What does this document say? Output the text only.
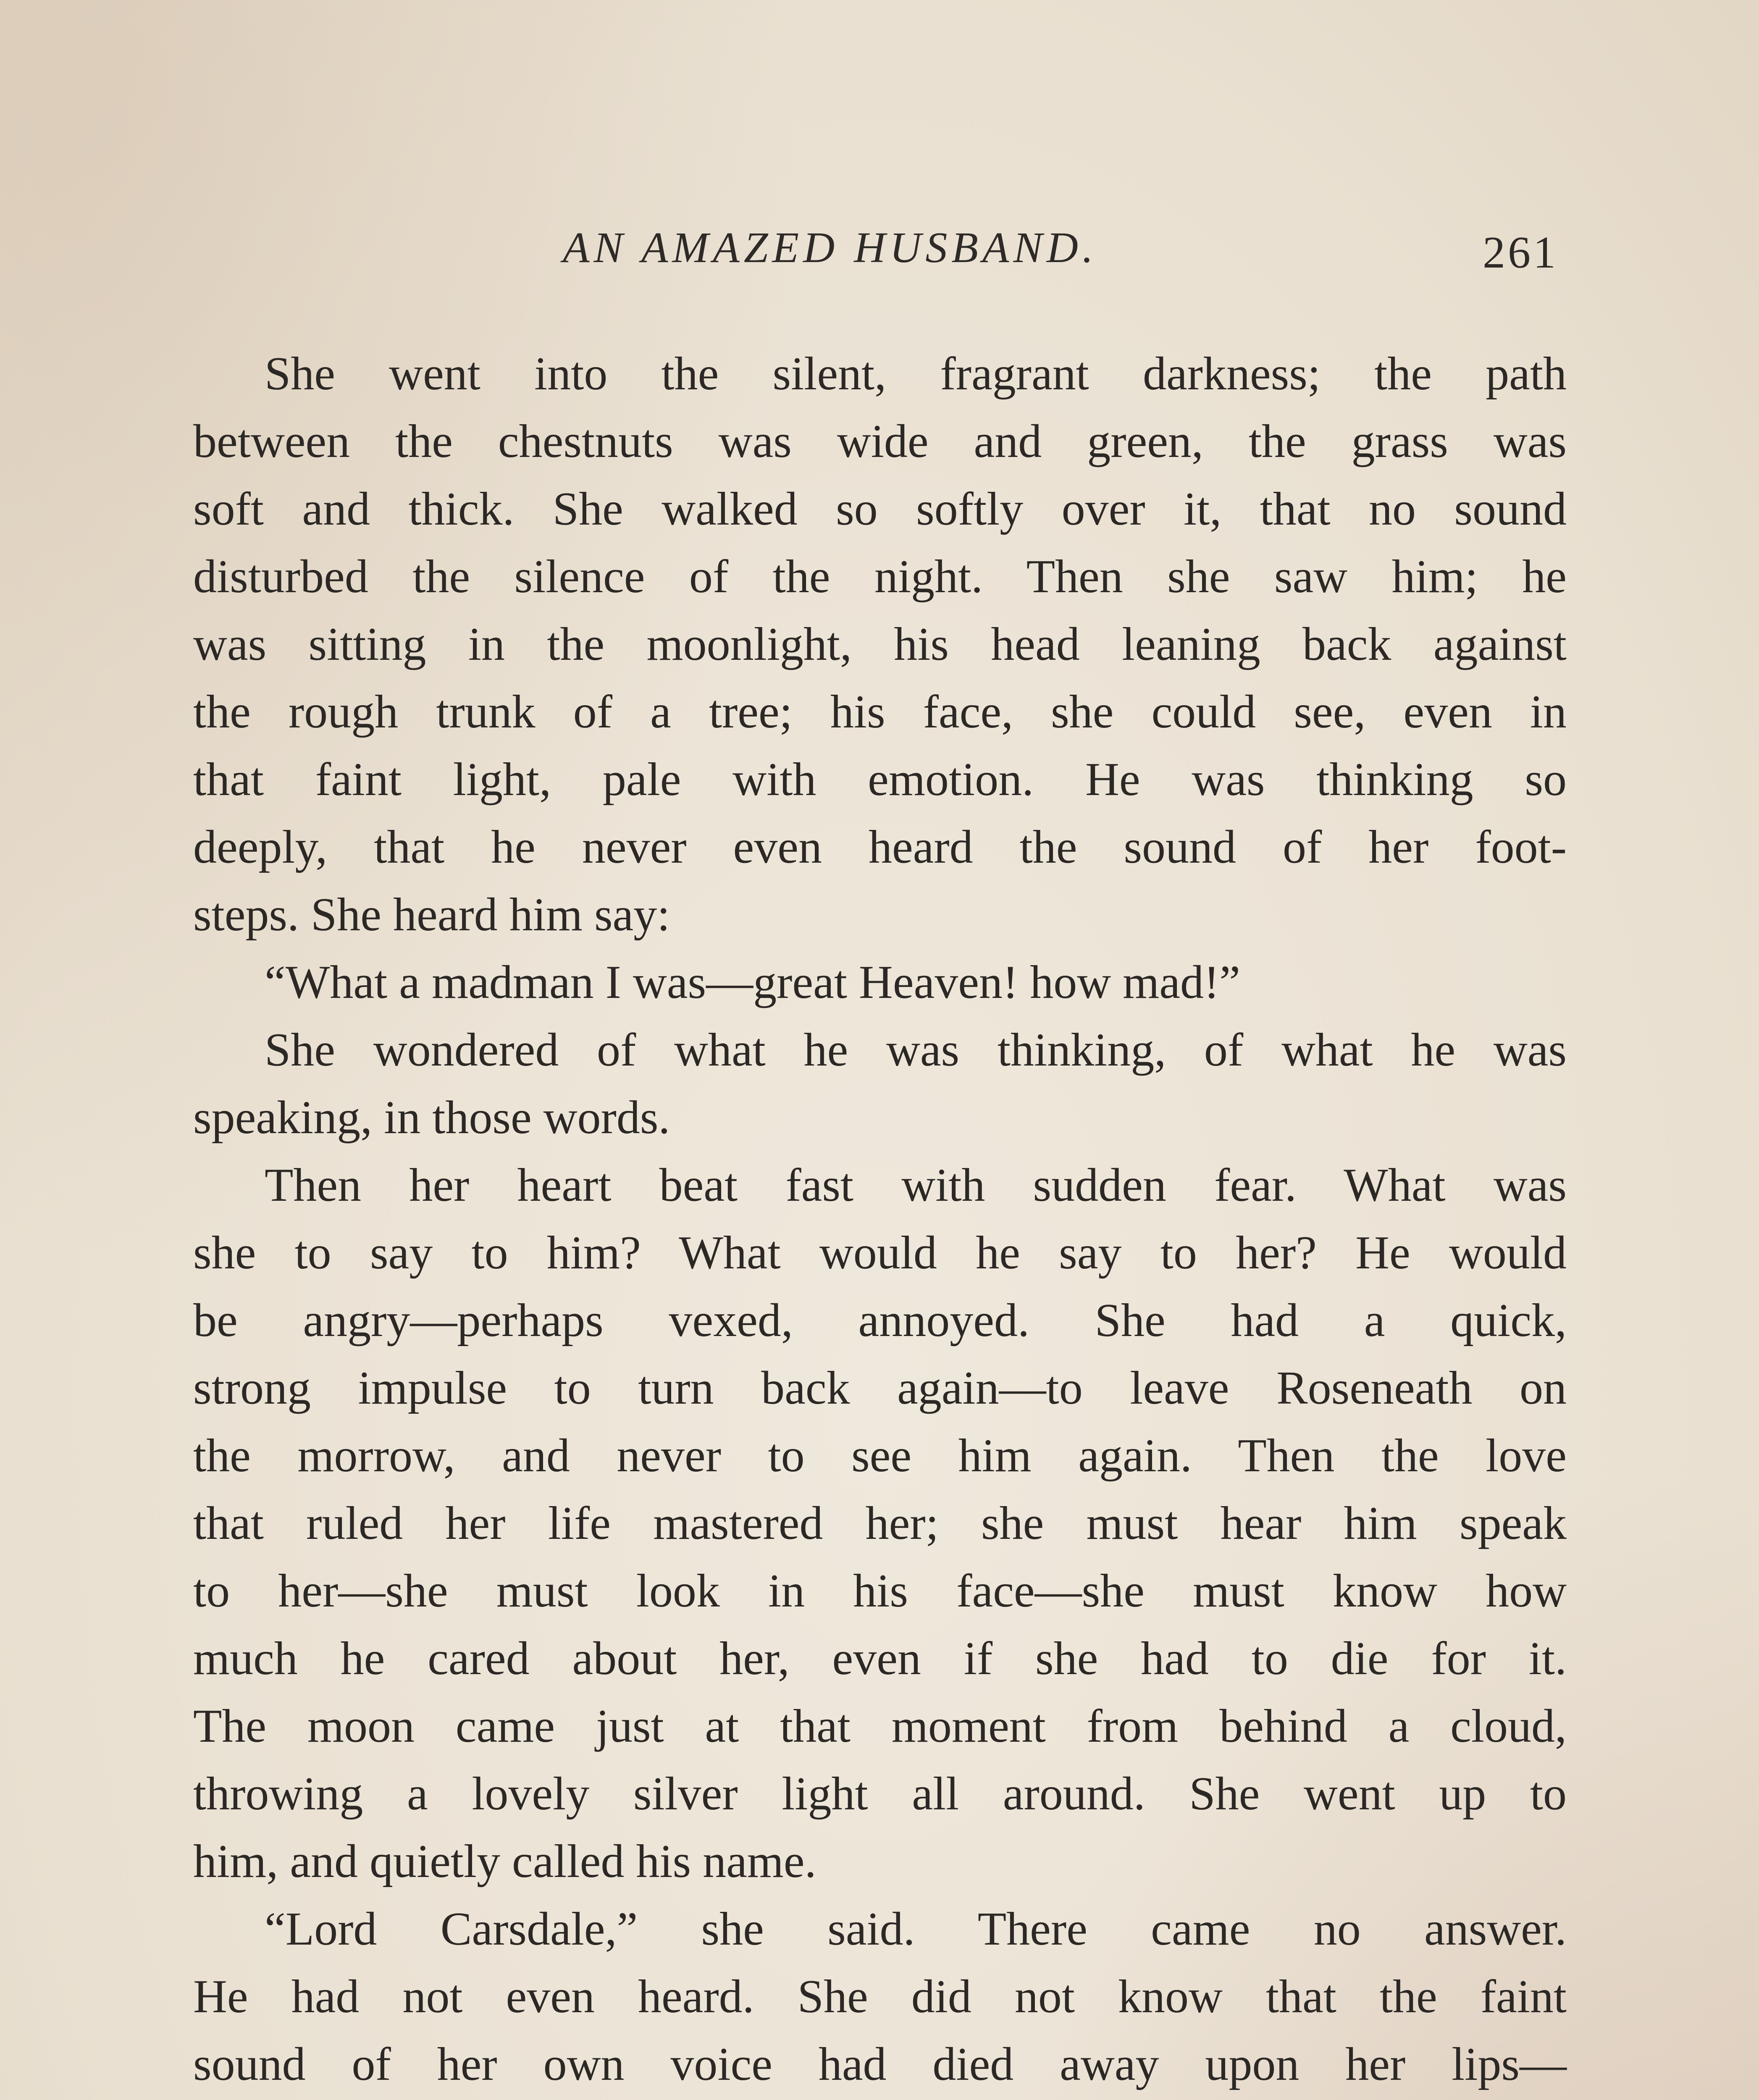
AN AMAZED HUSBAND.	261
She went into the silent, fragrant darkness; the path
between the chestnuts was wide and green, the grass was
soft and thick. She walked so softly over it, that no sound
disturbed the silence of the night. Then she saw him; he
was sitting in the moonlight, his head leaning back against
the rough trunk of a tree; his face, she could see, even in
that faint light, pale with emotion. He was thinking so
deeply, that he never even heard the sound of her foot-
steps. She heard him say:
“What a madman I was—great Heaven! how mad!”
She wondered of what he was thinking, of what he was
speaking, in those words.
Then her heart beat fast with sudden fear. What was
she to say to him? What would he say to her? He would
be angry—perhaps vexed, annoyed. She had a quick,
strong impulse to turn back again—to leave Roseneath on
the morrow, and never to see him again. Then the love
that ruled her life mastered her; she must hear him speak
to her—she must look in his face—she must know how
much he cared about her, even if she had to die for it.
The moon came just at that moment from behind a cloud,
throwing a lovely silver light all around. She went up to
him, and quietly called his name.
“Lord Carsdale,” she said. There came no answer.
He had not even heard. She did not know that the faint
sound of her own voice had died away upon her lips—
